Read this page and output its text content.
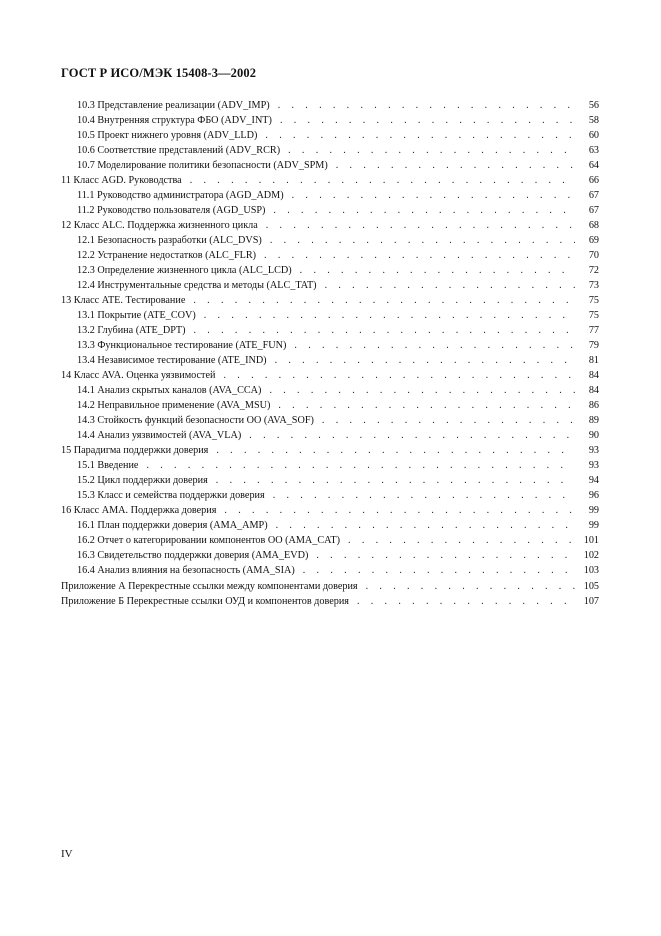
ГОСТ Р ИСО/МЭК 15408-3—2002
10.3 Представление реализации (ADV_IMP) . . .	56
10.4 Внутренняя структура ФБО (ADV_INT) . . .	58
10.5 Проект нижнего уровня (ADV_LLD) . . .	60
10.6 Соответствие представлений (ADV_RCR) . . .	63
10.7 Моделирование политики безопасности (ADV_SPM) . . .	64
11 Класс AGD. Руководства . . .	66
11.1 Руководство администратора (AGD_ADM) . . .	67
11.2 Руководство пользователя (AGD_USP) . . .	67
12 Класс ALC. Поддержка жизненного цикла . . .	68
12.1 Безопасность разработки (ALC_DVS) . . .	69
12.2 Устранение недостатков (ALC_FLR) . . .	70
12.3 Определение жизненного цикла (ALC_LCD) . . .	72
12.4 Инструментальные средства и методы (ALC_TAT) . . .	73
13 Класс ATE. Тестирование . . .	75
13.1 Покрытие (ATE_COV) . . .	75
13.2 Глубина (ATE_DPT) . . .	77
13.3 Функциональное тестирование (ATE_FUN) . . .	79
13.4 Независимое тестирование (ATE_IND) . . .	81
14 Класс AVA. Оценка уязвимостей . . .	84
14.1 Анализ скрытых каналов (AVA_CCA) . . .	84
14.2 Неправильное применение (AVA_MSU) . . .	86
14.3 Стойкость функций безопасности ОО (AVA_SOF) . . .	89
14.4 Анализ уязвимостей (AVA_VLA) . . .	90
15 Парадигма поддержки доверия . . .	93
15.1 Введение . . .	93
15.2 Цикл поддержки доверия . . .	94
15.3 Класс и семейства поддержки доверия . . .	96
16 Класс AMA. Поддержка доверия . . .	99
16.1 План поддержки доверия (AMA_AMP) . . .	99
16.2 Отчет о категорировании компонентов ОО (AMA_CAT) . . .	101
16.3 Свидетельство поддержки доверия (AMA_EVD) . . .	102
16.4 Анализ влияния на безопасность (AMA_SIA) . . .	103
Приложение А Перекрестные ссылки между компонентами доверия . . .	105
Приложение Б Перекрестные ссылки ОУД и компонентов доверия . . .	107
IV
